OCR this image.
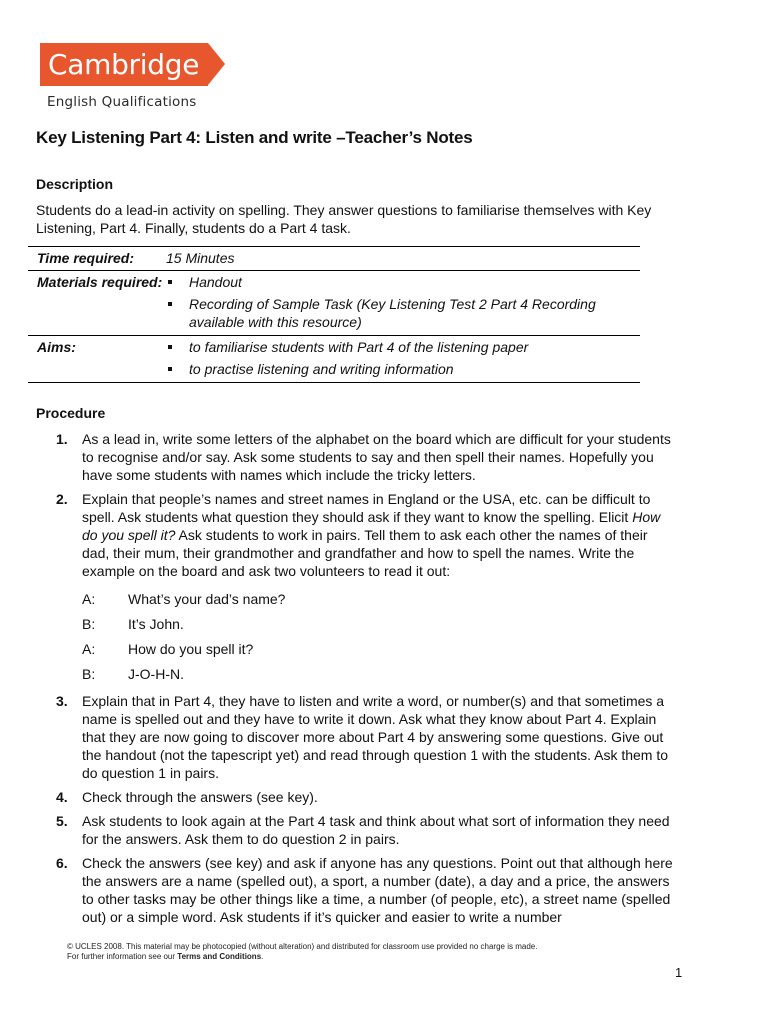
Cambridge
English Qualifications
Key Listening Part 4: Listen and write –Teacher’s Notes
Description

Students do a lead-in activity on spelling. They answer questions to familiarise themselves with Key Listening, Part 4. Finally, students do a Part 4 task.

Time required:	15 Minutes
Materials required:	Handout
Recording of Sample Task (Key Listening Test 2 Part 4 Recording available with this resource)
Aims:	to familiarise students with Part 4 of the listening paper
to practise listening and writing information
Procedure
1. As a lead in, write some letters of the alphabet on the board which are difficult for your students to recognise and/or say. Ask some students to say and then spell their names. Hopefully you have some students with names which include the tricky letters.
2. Explain that people’s names and street names in England or the USA, etc. can be difficult to spell. Ask students what question they should ask if they want to know the spelling. Elicit How do you spell it? Ask students to work in pairs. Tell them to ask each other the names of their dad, their mum, their grandmother and grandfather and how to spell the names. Write the example on the board and ask two volunteers to read it out:
A:	What’s your dad’s name?
B:	It’s John.
A:	How do you spell it?
B:	J-O-H-N.
3. Explain that in Part 4, they have to listen and write a word, or number(s) and that sometimes a name is spelled out and they have to write it down. Ask what they know about Part 4. Explain that they are now going to discover more about Part 4 by answering some questions. Give out the handout (not the tapescript yet) and read through question 1 with the students. Ask them to do question 1 in pairs.
4. Check through the answers (see key).
5. Ask students to look again at the Part 4 task and think about what sort of information they need for the answers. Ask them to do question 2 in pairs.
6. Check the answers (see key) and ask if anyone has any questions. Point out that although here the answers are a name (spelled out), a sport, a number (date), a day and a price, the answers to other tasks may be other things like a time, a number (of people, etc), a street name (spelled out) or a simple word. Ask students if it’s quicker and easier to write a number
© UCLES 2008. This material may be photocopied (without alteration) and distributed for classroom use provided no charge is made.
For further information see our Terms and Conditions.
1
